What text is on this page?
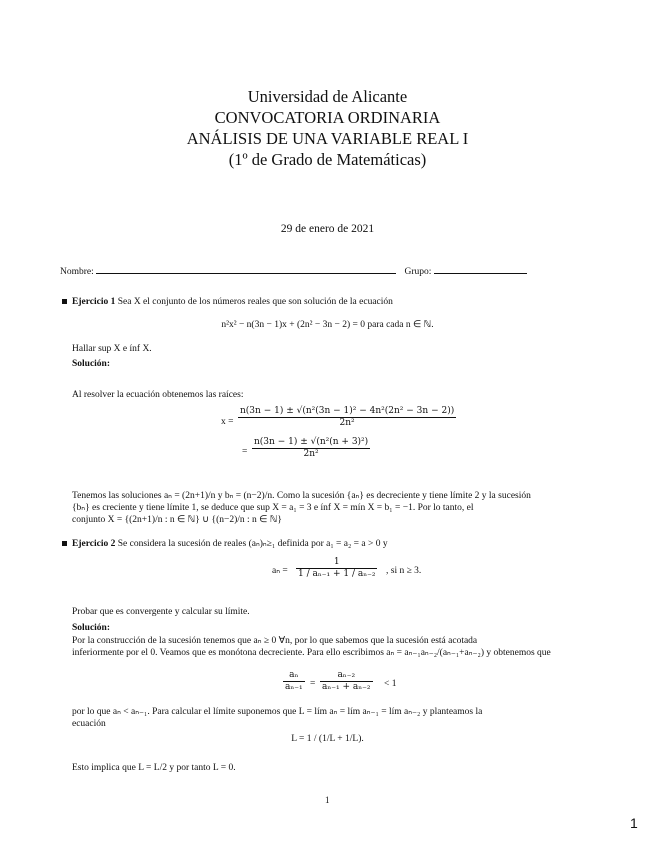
Universidad de Alicante
CONVOCATORIA ORDINARIA
ANÁLISIS DE UNA VARIABLE REAL I
(1º de Grado de Matemáticas)
29 de enero de 2021
Nombre:	Grupo:
Ejercicio 1 Sea X el conjunto de los números reales que son solución de la ecuación
n²x² − n(3n − 1)x + (2n² − 3n − 2) = 0 para cada n ∈ ℕ.
Hallar sup X e ínf X.
Solución:
Al resolver la ecuación obtenemos las raíces:
$x = \frac{\text{n(3n − 1) ± √(n²(3n − 1)² − 4n²(2n² − 3n − 2))}}{\text{2n²}}$
= $\frac{\text{n(3n − 1) ± √(n²(n + 3)²)}}{\text{2n²}}$
Tenemos las soluciones aₙ = (2n+1)/n y bₙ = (n−2)/n. Como la sucesión {aₙ} es decreciente y tiene límite 2 y la sucesión
{bₙ} es creciente y tiene límite 1, se deduce que sup X = a₁ = 3 e ínf X = mín X = b₁ = −1. Por lo tanto, el
conjunto X = {(2n+1)/n : n ∈ ℕ} ∪ {(n−2)/n : n ∈ ℕ}
Ejercicio 2 Se considera la sucesión de reales (aₙ)ₙ≥₁ definida por a₁ = a₂ = a > 0 y
$a_n = \frac{1}{\text{1 / aₙ₋₁ + 1 / aₙ₋₂}}$ , si n ≥ 3.
Probar que es convergente y calcular su límite.
Solución:
Por la construcción de la sucesión tenemos que aₙ ≥ 0 ∀n, por lo que sabemos que la sucesión está acotada
inferiormente por el 0. Veamos que es monótona decreciente. Para ello escribimos aₙ = aₙ₋₁aₙ₋₂/(aₙ₋₁+aₙ₋₂) y obtenemos que
$\frac{\text{aₙ}}{\text{aₙ₋₁}} = \frac{\text{aₙ₋₂}}{\text{aₙ₋₁ + aₙ₋₂}} < 1$
por lo que aₙ < aₙ₋₁. Para calcular el límite suponemos que L = lím aₙ = lím aₙ₋₁ = lím aₙ₋₂ y planteamos la
ecuación
L = 1 / (1/L + 1/L).
Esto implica que L = L/2 y por tanto L = 0.
1
1
